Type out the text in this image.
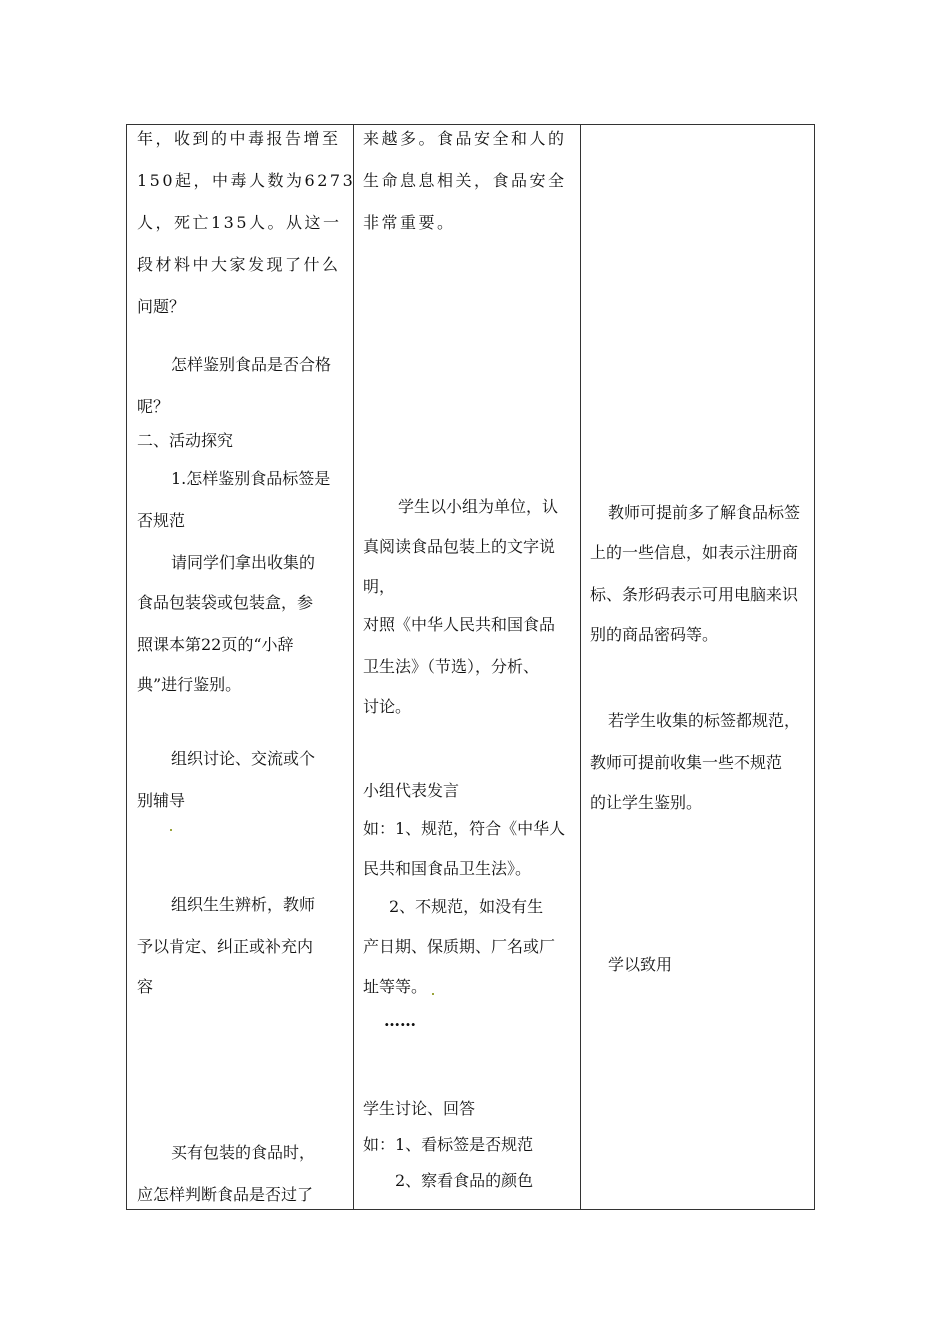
年，收到的中毒报告增至

150起，中毒人数为6273

人，死亡135人。从这一

段材料中大家发现了什么

问题？

怎样鉴别食品是否合格

呢？

二、活动探究

1.怎样鉴别食品标签是

否规范

请同学们拿出收集的

食品包装袋或包装盒，参

照课本第22页的“小辞

典”进行鉴别。

组织讨论、交流或个

别辅导

组织生生辨析，教师

予以肯定、纠正或补充内

容

买有包装的食品时，

应怎样判断食品是否过了

来越多。食品安全和人的

生命息息相关，食品安全

非常重要。

学生以小组为单位，认

真阅读食品包装上的文字说

明，

对照《中华人民共和国食品

卫生法》（节选），分析、

讨论。

小组代表发言

如：1、规范，符合《中华人

民共和国食品卫生法》。

2、不规范，如没有生

产日期、保质期、厂名或厂

址等等。

……

学生讨论、回答

如：1、看标签是否规范

2、察看食品的颜色

教师可提前多了解食品标签

上的一些信息，如表示注册商

标、条形码表示可用电脑来识

别的商品密码等。

若学生收集的标签都规范，

教师可提前收集一些不规范

的让学生鉴别。

学以致用
